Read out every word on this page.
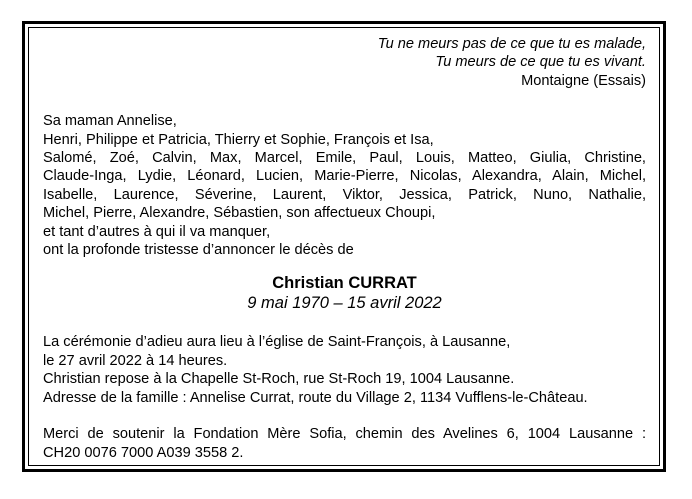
Tu ne meurs pas de ce que tu es malade,
Tu meurs de ce que tu es vivant.
Montaigne (Essais)
Sa maman Annelise,
Henri, Philippe et Patricia, Thierry et Sophie, François et Isa,
Salomé, Zoé, Calvin, Max, Marcel, Emile, Paul, Louis, Matteo, Giulia, Christine,
Claude-Inga, Lydie, Léonard, Lucien, Marie-Pierre, Nicolas, Alexandra, Alain, Michel,
Isabelle, Laurence, Séverine, Laurent, Viktor, Jessica, Patrick, Nuno, Nathalie,
Michel, Pierre, Alexandre, Sébastien, son affectueux Choupi,
et tant d’autres à qui il va manquer,
ont la profonde tristesse d’annoncer le décès de
Christian CURRAT
9 mai 1970 – 15 avril 2022
La cérémonie d’adieu aura lieu à l’église de Saint-François, à Lausanne,
le 27 avril 2022 à 14 heures.
Christian repose à la Chapelle St-Roch, rue St-Roch 19, 1004 Lausanne.
Adresse de la famille : Annelise Currat, route du Village 2, 1134 Vufflens-le-Château.
Merci de soutenir la Fondation Mère Sofia, chemin des Avelines 6, 1004 Lausanne :
CH20 0076 7000 A039 3558 2.
